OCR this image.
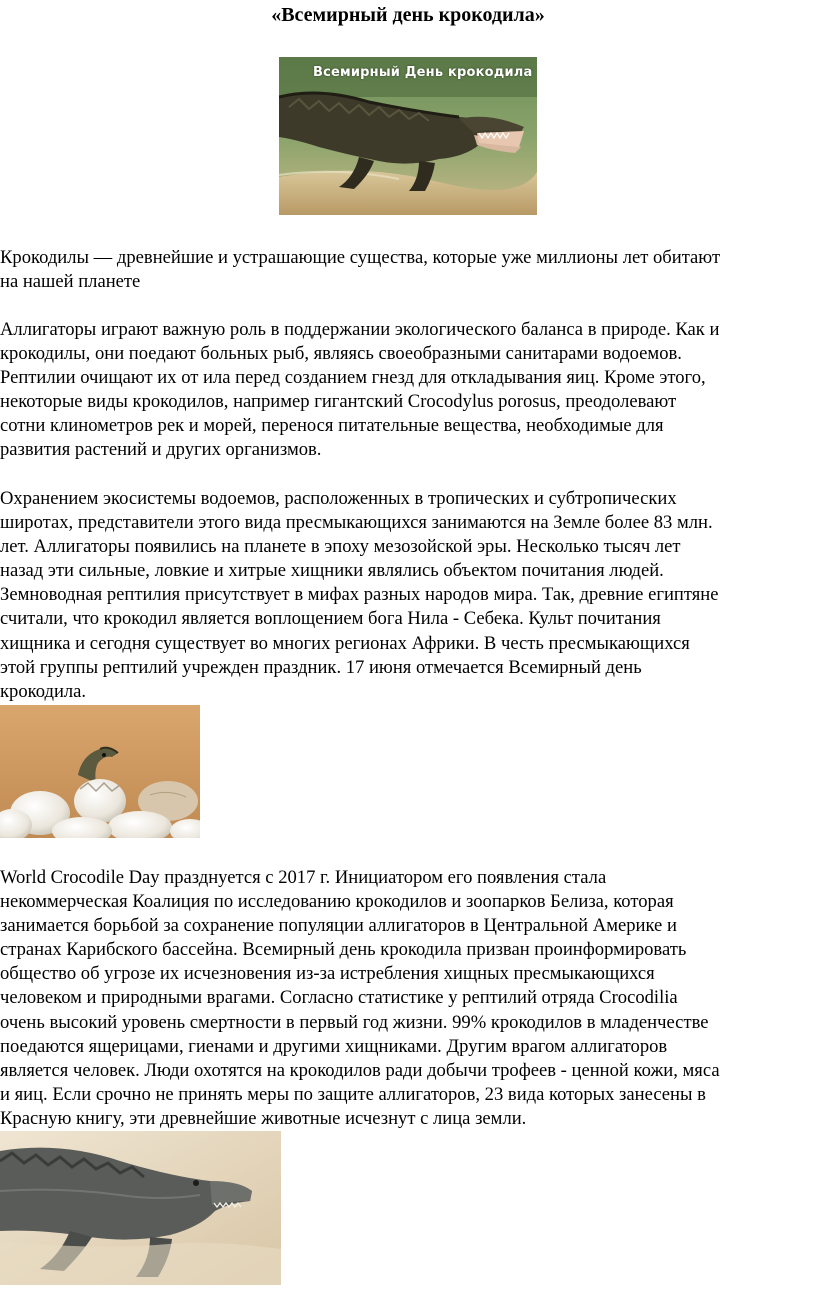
«Всемирный день крокодила»
Всемирный День крокодила
Крокодилы — древнейшие и устрашающие существа, которые уже миллионы лет обитают
на нашей планете
Аллигаторы играют важную роль в поддержании экологического баланса в природе. Как и
крокодилы, они поедают больных рыб, являясь своеобразными санитарами водоемов.
Рептилии очищают их от ила перед созданием гнезд для откладывания яиц. Кроме этого,
некоторые виды крокодилов, например гигантский Crocodylus porosus, преодолевают
сотни клинометров рек и морей, перенося питательные вещества, необходимые для
развития растений и других организмов.
Охранением экосистемы водоемов, расположенных в тропических и субтропических
широтах, представители этого вида пресмыкающихся занимаются на Земле более 83 млн.
лет. Аллигаторы появились на планете в эпоху мезозойской эры. Несколько тысяч лет
назад эти сильные, ловкие и хитрые хищники являлись объектом почитания людей.
Земноводная рептилия присутствует в мифах разных народов мира. Так, древние египтяне
считали, что крокодил является воплощением бога Нила - Себека. Культ почитания
хищника и сегодня существует во многих регионах Африки. В честь пресмыкающихся
этой группы рептилий учрежден праздник. 17 июня отмечается Всемирный день
крокодила.
World Crocodile Day празднуется с 2017 г. Инициатором его появления стала
некоммерческая Коалиция по исследованию крокодилов и зоопарков Белиза, которая
занимается борьбой за сохранение популяции аллигаторов в Центральной Америке и
странах Карибского бассейна. Всемирный день крокодила призван проинформировать
общество об угрозе их исчезновения из-за истребления хищных пресмыкающихся
человеком и природными врагами. Согласно статистике у рептилий отряда Crocodilia
очень высокий уровень смертности в первый год жизни. 99% крокодилов в младенчестве
поедаются ящерицами, гиенами и другими хищниками. Другим врагом аллигаторов
является человек. Люди охотятся на крокодилов ради добычи трофеев - ценной кожи, мяса
и яиц. Если срочно не принять меры по защите аллигаторов, 23 вида которых занесены в
Красную книгу, эти древнейшие животные исчезнут с лица земли.
